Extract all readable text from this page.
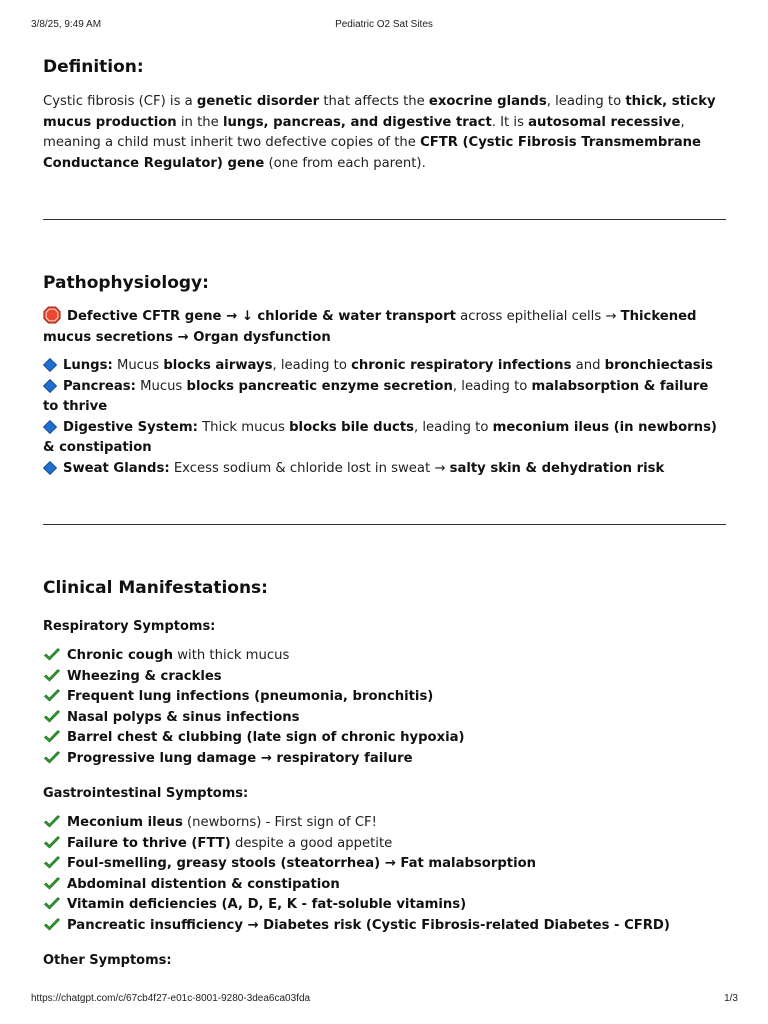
3/8/25, 9:49 AM	Pediatric O2 Sat Sites
Definition:

Cystic fibrosis (CF) is a genetic disorder that affects the exocrine glands, leading to thick, sticky mucus production in the lungs, pancreas, and digestive tract. It is autosomal recessive, meaning a child must inherit two defective copies of the CFTR (Cystic Fibrosis Transmembrane Conductance Regulator) gene (one from each parent).

Pathophysiology:

Defective CFTR gene → ↓ chloride & water transport across epithelial cells → Thickened mucus secretions → Organ dysfunction

Lungs: Mucus blocks airways, leading to chronic respiratory infections and bronchiectasis
Pancreas: Mucus blocks pancreatic enzyme secretion, leading to malabsorption & failure to thrive
Digestive System: Thick mucus blocks bile ducts, leading to meconium ileus (in newborns) & constipation
Sweat Glands: Excess sodium & chloride lost in sweat → salty skin & dehydration risk
Clinical Manifestations:
Respiratory Symptoms:
Chronic cough with thick mucus
Wheezing & crackles
Frequent lung infections (pneumonia, bronchitis)
Nasal polyps & sinus infections
Barrel chest & clubbing (late sign of chronic hypoxia)
Progressive lung damage → respiratory failure
Gastrointestinal Symptoms:
Meconium ileus (newborns) - First sign of CF!
Failure to thrive (FTT) despite a good appetite
Foul-smelling, greasy stools (steatorrhea) → Fat malabsorption
Abdominal distention & constipation
Vitamin deficiencies (A, D, E, K - fat-soluble vitamins)
Pancreatic insufficiency → Diabetes risk (Cystic Fibrosis-related Diabetes - CFRD)
Other Symptoms:
https://chatgpt.com/c/67cb4f27-e01c-8001-9280-3dea6ca03fda	1/3
